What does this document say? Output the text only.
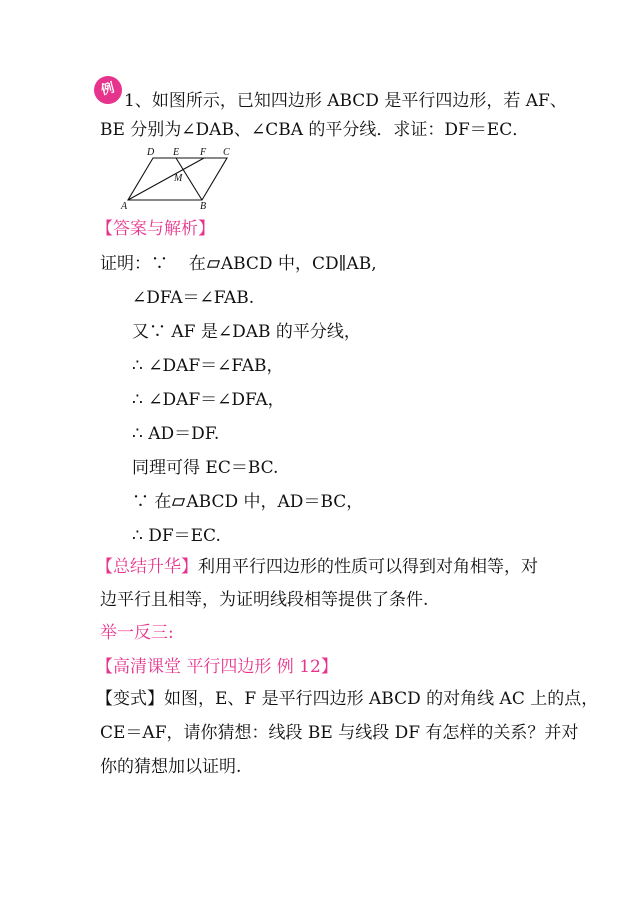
例
1、如图所示，已知四边形 ABCD 是平行四边形，若 AF、
BE 分别为∠DAB、∠CBA 的平分线．求证：DF＝EC．
D E F C
M
A	B
【答案与解析】
证明：∵ 在 ABCD 中，CD∥AB,
∠DFA＝∠FAB.
又∵ AF 是∠DAB 的平分线，
∴ ∠DAF＝∠FAB，
∴ ∠DAF＝∠DFA，
∴ AD＝DF.
同理可得 EC＝BC.
∵ 在 ABCD 中，AD＝BC，
∴ DF＝EC.
【总结升华】利用平行四边形的性质可以得到对角相等，对
边平行且相等，为证明线段相等提供了条件.
举一反三:
【高清课堂 平行四边形 例 12】
【变式】如图，E、F 是平行四边形 ABCD 的对角线 AC 上的点，
CE＝AF，请你猜想：线段 BE 与线段 DF 有怎样的关系？并对
你的猜想加以证明.
